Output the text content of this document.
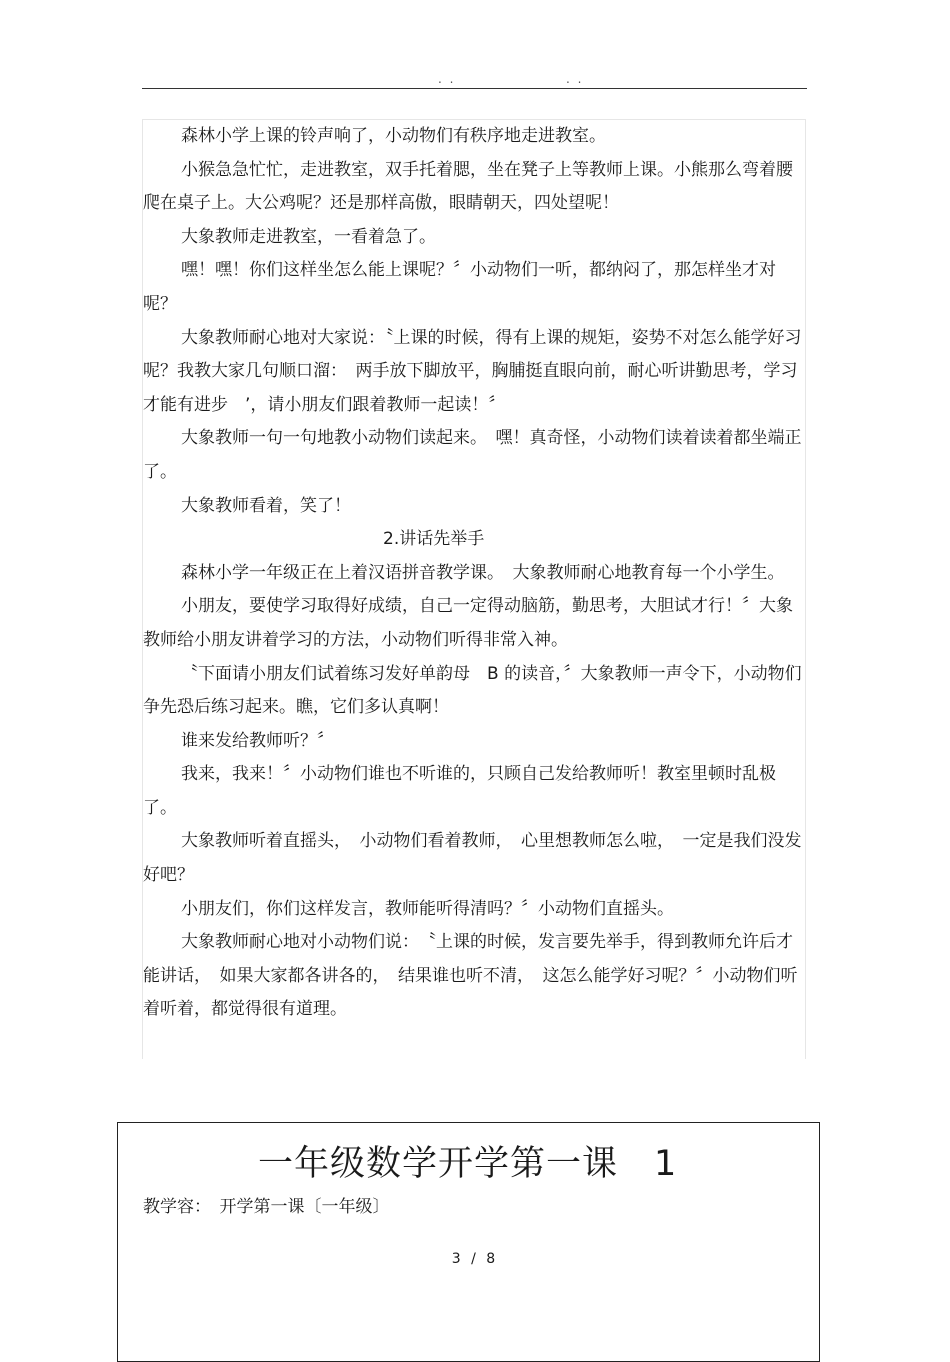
. .	. .

森林小学上课的铃声响了，小动物们有秩序地走进教室。

小猴急急忙忙，走进教室，双手托着腮，坐在凳子上等教师上课。小熊那么弯着腰爬在桌子上。大公鸡呢？还是那样高傲，眼睛朝天，四处望呢！

大象教师走进教室，一看着急了。

嘿！嘿！你们这样坐怎么能上课呢？〞小动物们一听，都纳闷了，那怎样坐才对呢？

大象教师耐心地对大家说：〝上课的时候，得有上课的规矩，姿势不对怎么能学好习呢？我教大家几句顺口溜：　两手放下脚放平，胸脯挺直眼向前，耐心听讲勤思考，学习才能有进步　’，请小朋友们跟着教师一起读！〞

大象教师一句一句地教小动物们读起来。　嘿！真奇怪，小动物们读着读着都坐端正了。

大象教师看着，笑了！

2.讲话先举手

森林小学一年级正在上着汉语拼音教学课。　大象教师耐心地教育每一个小学生。

小朋友，要使学习取得好成绩，自己一定得动脑筋，勤思考，大胆试才行！〞大象教师给小朋友讲着学习的方法，小动物们听得非常入神。

〝下面请小朋友们试着练习发好单韵母　B 的读音，〞大象教师一声令下，小动物们争先恐后练习起来。瞧，它们多认真啊！

谁来发给教师听？〞

我来，我来！〞小动物们谁也不听谁的，只顾自己发给教师听！教室里顿时乱极了。

大象教师听着直摇头，　小动物们看着教师，　心里想教师怎么啦，　一定是我们没发好吧？

小朋友们，你们这样发言，教师能听得清吗？〞小动物们直摇头。

大象教师耐心地对小动物们说：　〝上课的时候，发言要先举手，得到教师允许后才能讲话，　如果大家都各讲各的，　结果谁也听不清，　这怎么能学好习呢？〞小动物们听着听着，都觉得很有道理。

一年级数学开学第一课　1
教学容：　开学第一课〔一年级〕
3 / 8
